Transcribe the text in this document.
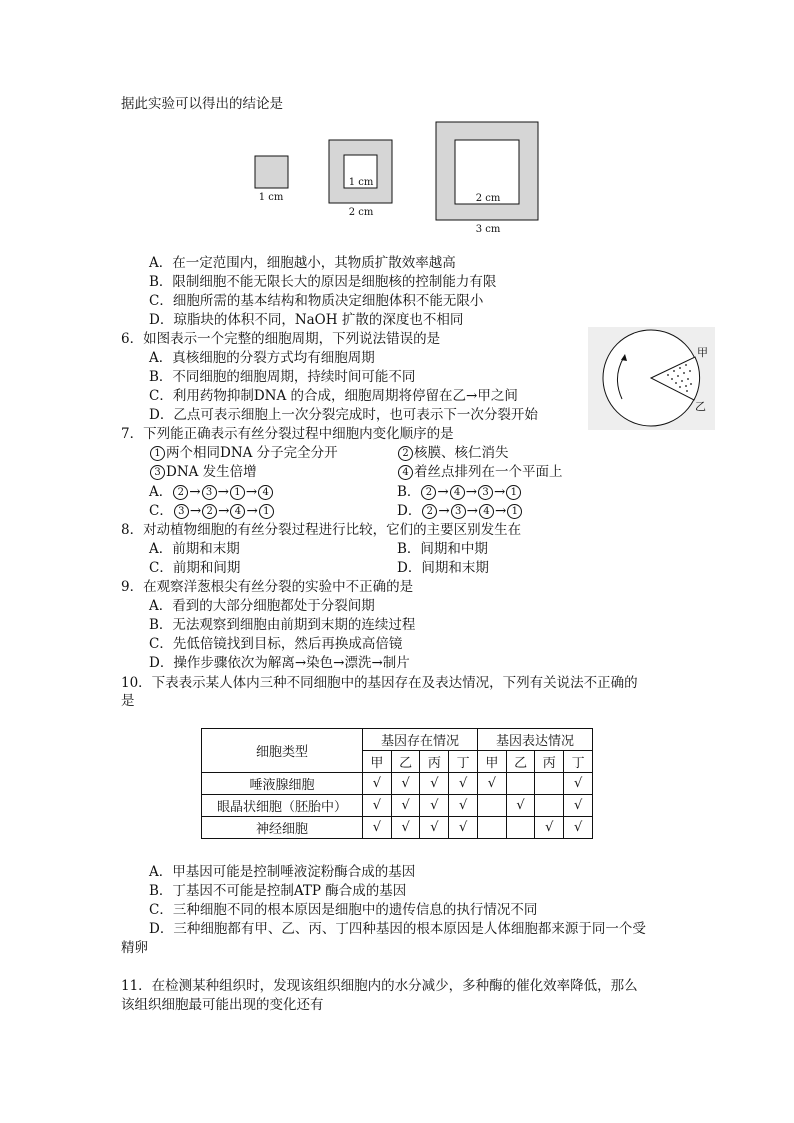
据此实验可以得出的结论是
1 cm
1 cm
2 cm
2 cm
3 cm
A．在一定范围内，细胞越小，其物质扩散效率越高
B．限制细胞不能无限长大的原因是细胞核的控制能力有限
C．细胞所需的基本结构和物质决定细胞体积不能无限小
D．琼脂块的体积不同，NaOH 扩散的深度也不相同
6．如图表示一个完整的细胞周期，下列说法错误的是
A．真核细胞的分裂方式均有细胞周期
B．不同细胞的细胞周期，持续时间可能不同
C．利用药物抑制DNA 的合成，细胞周期将停留在乙→甲之间
D．乙点可表示细胞上一次分裂完成时，也可表示下一次分裂开始
甲
乙
7．下列能正确表示有丝分裂过程中细胞内变化顺序的是
1 两个相同DNA 分子完全分开	2 核膜、核仁消失
3 DNA 发生倍增	4 着丝点排列在一个平面上
A． 2 → 3 → 1 → 4	B． 2 → 4 → 3 → 1
C． 3 → 2 → 4 → 1	D． 2 → 3 → 4 → 1
8．对动植物细胞的有丝分裂过程进行比较，它们的主要区别发生在
A．前期和末期	B．间期和中期
C．前期和间期	D．间期和末期
9．在观察洋葱根尖有丝分裂的实验中不正确的是
A．看到的大部分细胞都处于分裂间期
B．无法观察到细胞由前期到末期的连续过程
C．先低倍镜找到目标，然后再换成高倍镜
D．操作步骤依次为解离→染色→漂洗→制片
10．下表表示某人体内三种不同细胞中的基因存在及表达情况，下列有关说法不正确的
是
细胞类型	基因存在情况				基因表达情况			
	甲	乙	丙	丁	甲	乙	丙	丁
唾液腺细胞	√	√	√	√	√			√
眼晶状细胞（胚胎中）	√	√	√	√		√		√
神经细胞	√	√	√	√			√	√
A．甲基因可能是控制唾液淀粉酶合成的基因
B．丁基因不可能是控制ATP 酶合成的基因
C．三种细胞不同的根本原因是细胞中的遗传信息的执行情况不同
D．三种细胞都有甲、乙、丙、丁四种基因的根本原因是人体细胞都来源于同一个受
精卵
11．在检测某种组织时，发现该组织细胞内的水分减少，多种酶的催化效率降低，那么
该组织细胞最可能出现的变化还有
